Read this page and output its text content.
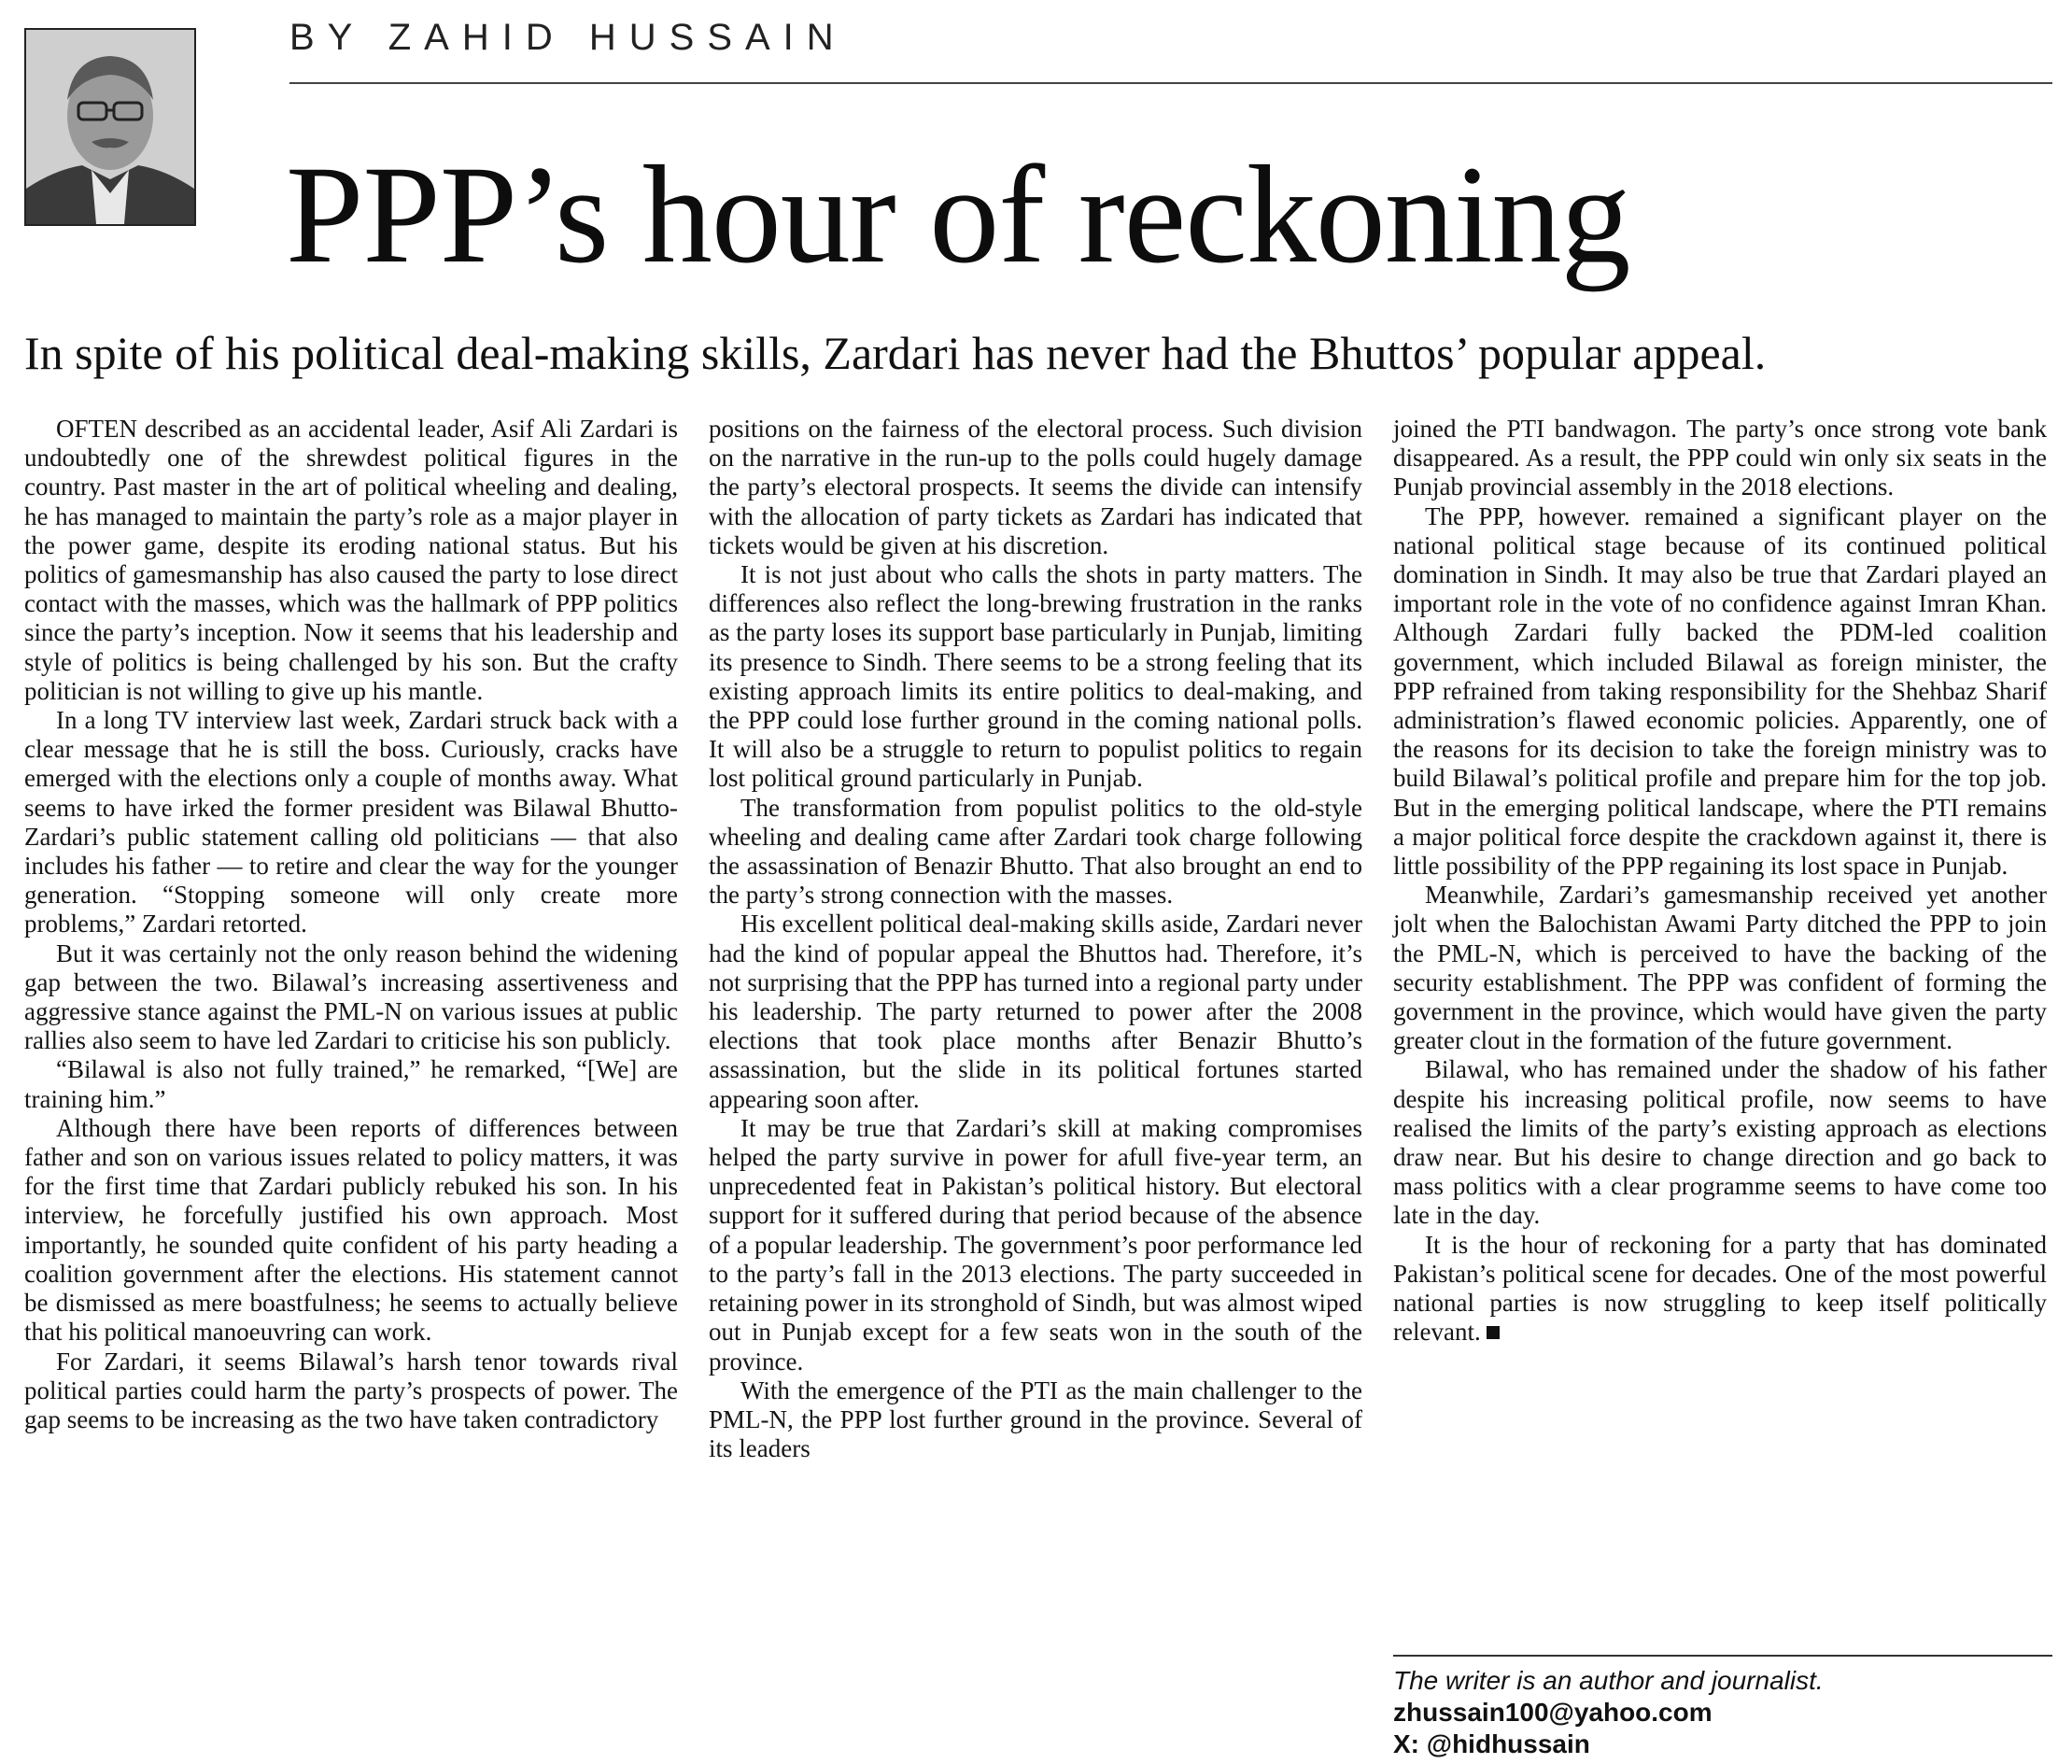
BY ZAHID HUSSAIN
PPP’s hour of reckoning
In spite of his political deal-making skills, Zardari has never had the Bhuttos’ popular appeal.

OFTEN described as an accidental leader, Asif Ali Zardari is undoubtedly one of the shrewdest political figures in the country. Past master in the art of political wheeling and dealing, he has managed to maintain the party’s role as a major player in the power game, despite its eroding national status. But his politics of gamesmanship has also caused the party to lose direct contact with the masses, which was the hallmark of PPP politics since the party’s inception. Now it seems that his leadership and style of politics is being challenged by his son. But the crafty politician is not willing to give up his mantle.

In a long TV interview last week, Zardari struck back with a clear message that he is still the boss. Curiously, cracks have emerged with the elections only a couple of months away. What seems to have irked the former president was Bilawal Bhutto-Zardari’s public statement calling old politicians — that also includes his father — to retire and clear the way for the younger generation. “Stopping someone will only create more problems,” Zardari retorted.

But it was certainly not the only reason behind the widening gap between the two. Bilawal’s increasing assertiveness and aggressive stance against the PML-N on various issues at public rallies also seem to have led Zardari to criticise his son publicly.

“Bilawal is also not fully trained,” he remarked, “[We] are training him.”

Although there have been reports of differences between father and son on various issues related to policy matters, it was for the first time that Zardari publicly rebuked his son. In his interview, he forcefully justified his own approach. Most importantly, he sounded quite confident of his party heading a coalition government after the elections. His statement cannot be dismissed as mere boastfulness; he seems to actually believe that his political manoeuvring can work.

For Zardari, it seems Bilawal’s harsh tenor towards rival political parties could harm the party’s prospects of power. The gap seems to be increasing as the two have taken contradictory

positions on the fairness of the electoral process. Such division on the narrative in the run-up to the polls could hugely damage the party’s electoral prospects. It seems the divide can intensify with the allocation of party tickets as Zardari has indicated that tickets would be given at his discretion.

It is not just about who calls the shots in party matters. The differences also reflect the long-brewing frustration in the ranks as the party loses its support base particularly in Punjab, limiting its presence to Sindh. There seems to be a strong feeling that its existing approach limits its entire politics to deal-making, and the PPP could lose further ground in the coming national polls. It will also be a struggle to return to populist politics to regain lost political ground particularly in Punjab.

The transformation from populist politics to the old-style wheeling and dealing came after Zardari took charge following the assassination of Benazir Bhutto. That also brought an end to the party’s strong connection with the masses.

His excellent political deal-making skills aside, Zardari never had the kind of popular appeal the Bhuttos had. Therefore, it’s not surprising that the PPP has turned into a regional party under his leadership. The party returned to power after the 2008 elections that took place months after Benazir Bhutto’s assassination, but the slide in its political fortunes started appearing soon after.

It may be true that Zardari’s skill at making compromises helped the party survive in power for afull five-year term, an unprecedented feat in Pakistan’s political history. But electoral support for it suffered during that period because of the absence of a popular leadership. The government’s poor performance led to the party’s fall in the 2013 elections. The party succeeded in retaining power in its stronghold of Sindh, but was almost wiped out in Punjab except for a few seats won in the south of the province.

With the emergence of the PTI as the main challenger to the PML-N, the PPP lost further ground in the province. Several of its leaders

joined the PTI bandwagon. The party’s once strong vote bank disappeared. As a result, the PPP could win only six seats in the Punjab provincial assembly in the 2018 elections.

The PPP, however. remained a significant player on the national political stage because of its continued political domination in Sindh. It may also be true that Zardari played an important role in the vote of no confidence against Imran Khan. Although Zardari fully backed the PDM-led coalition government, which included Bilawal as foreign minister, the PPP refrained from taking responsibility for the Shehbaz Sharif administration’s flawed economic policies. Apparently, one of the reasons for its decision to take the foreign ministry was to build Bilawal’s political profile and prepare him for the top job. But in the emerging political landscape, where the PTI remains a major political force despite the crackdown against it, there is little possibility of the PPP regaining its lost space in Punjab.

Meanwhile, Zardari’s gamesmanship received yet another jolt when the Balochistan Awami Party ditched the PPP to join the PML-N, which is perceived to have the backing of the security establishment. The PPP was confident of forming the government in the province, which would have given the party greater clout in the formation of the future government.

Bilawal, who has remained under the shadow of his father despite his increasing political profile, now seems to have realised the limits of the party’s existing approach as elections draw near. But his desire to change direction and go back to mass politics with a clear programme seems to have come too late in the day.

It is the hour of reckoning for a party that has dominated Pakistan’s political scene for decades. One of the most powerful national parties is now struggling to keep itself politically relevant.

The writer is an author and journalist.
zhussain100@yahoo.com
X: @hidhussain
